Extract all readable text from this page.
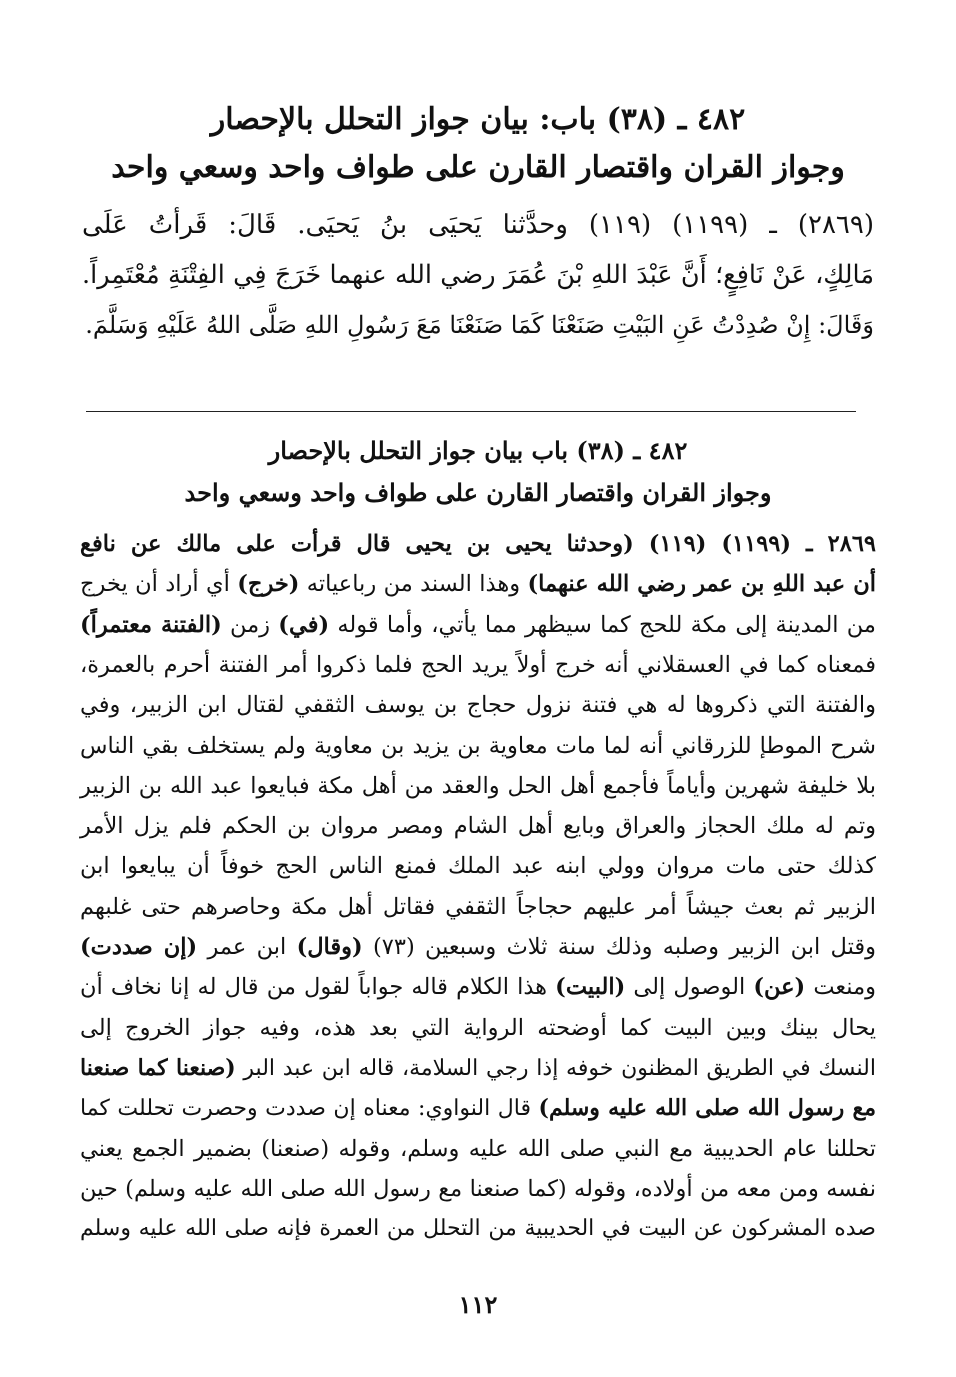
٤٨٢ ـ (٣٨) باب: بيان جواز التحلل بالإحصار
وجواز القران واقتصار القارن على طواف واحد وسعي واحد
(٢٨٦٩) ـ (١١٩٩) (١١٩) وحدَّثنا يَحيَى بنُ يَحيَى. قَالَ: قَرأتُ عَلَى
مَالِكٍ، عَنْ نَافِعٍ؛ أَنَّ عَبْدَ اللهِ بْنَ عُمَرَ رضي الله عنهما خَرَجَ فِي الفِتْنَةِ مُعْتَمِراً.
وَقَالَ: إِنْ صُدِدْتُ عَنِ البَيْتِ صَنَعْنَا كَمَا صَنَعْنَا مَعَ رَسُولِ اللهِ صَلَّى اللهُ عَلَيْهِ وَسَلَّمَ.
٤٨٢ ـ (٣٨) باب بيان جواز التحلل بالإحصار
وجواز القران واقتصار القارن على طواف واحد وسعي واحد
٢٨٦٩ ـ (١١٩٩) (١١٩) (وحدثنا يحيى بن يحيى قال قرأت على مالك عن نافع
أن عبد اللهِ بن عمر رضي الله عنهما) وهذا السند من رباعياته (خرج) أي أراد أن يخرج
من المدينة إلى مكة للحج كما سيظهر مما يأتي، وأما قوله (في) زمن (الفتنة معتمراً)
فمعناه كما في العسقلاني أنه خرج أولاً يريد الحج فلما ذكروا أمر الفتنة أحرم بالعمرة،
والفتنة التي ذكروها له هي فتنة نزول حجاج بن يوسف الثقفي لقتال ابن الزبير، وفي
شرح الموطإ للزرقاني أنه لما مات معاوية بن يزيد بن معاوية ولم يستخلف بقي الناس
بلا خليفة شهرين وأياماً فأجمع أهل الحل والعقد من أهل مكة فبايعوا عبد الله بن الزبير
وتم له ملك الحجاز والعراق وبايع أهل الشام ومصر مروان بن الحكم فلم يزل الأمر
كذلك حتى مات مروان وولي ابنه عبد الملك فمنع الناس الحج خوفاً أن يبايعوا ابن
الزبير ثم بعث جيشاً أمر عليهم حجاجاً الثقفي فقاتل أهل مكة وحاصرهم حتى غلبهم
وقتل ابن الزبير وصلبه وذلك سنة ثلاث وسبعين (٧٣) (وقال) ابن عمر (إن صددت)
ومنعت (عن) الوصول إلى (البيت) هذا الكلام قاله جواباً لقول من قال له إنا نخاف أن
يحال بينك وبين البيت كما أوضحته الرواية التي بعد هذه، وفيه جواز الخروج إلى
النسك في الطريق المظنون خوفه إذا رجي السلامة، قاله ابن عبد البر (صنعنا كما صنعنا
مع رسول الله صلى الله عليه وسلم) قال النواوي: معناه إن صددت وحصرت تحللت كما
تحللنا عام الحديبية مع النبي صلى الله عليه وسلم، وقوله (صنعنا) بضمير الجمع يعني
نفسه ومن معه من أولاده، وقوله (كما صنعنا مع رسول الله صلى الله عليه وسلم) حين
صده المشركون عن البيت في الحديبية من التحلل من العمرة فإنه صلى الله عليه وسلم
١١٢
